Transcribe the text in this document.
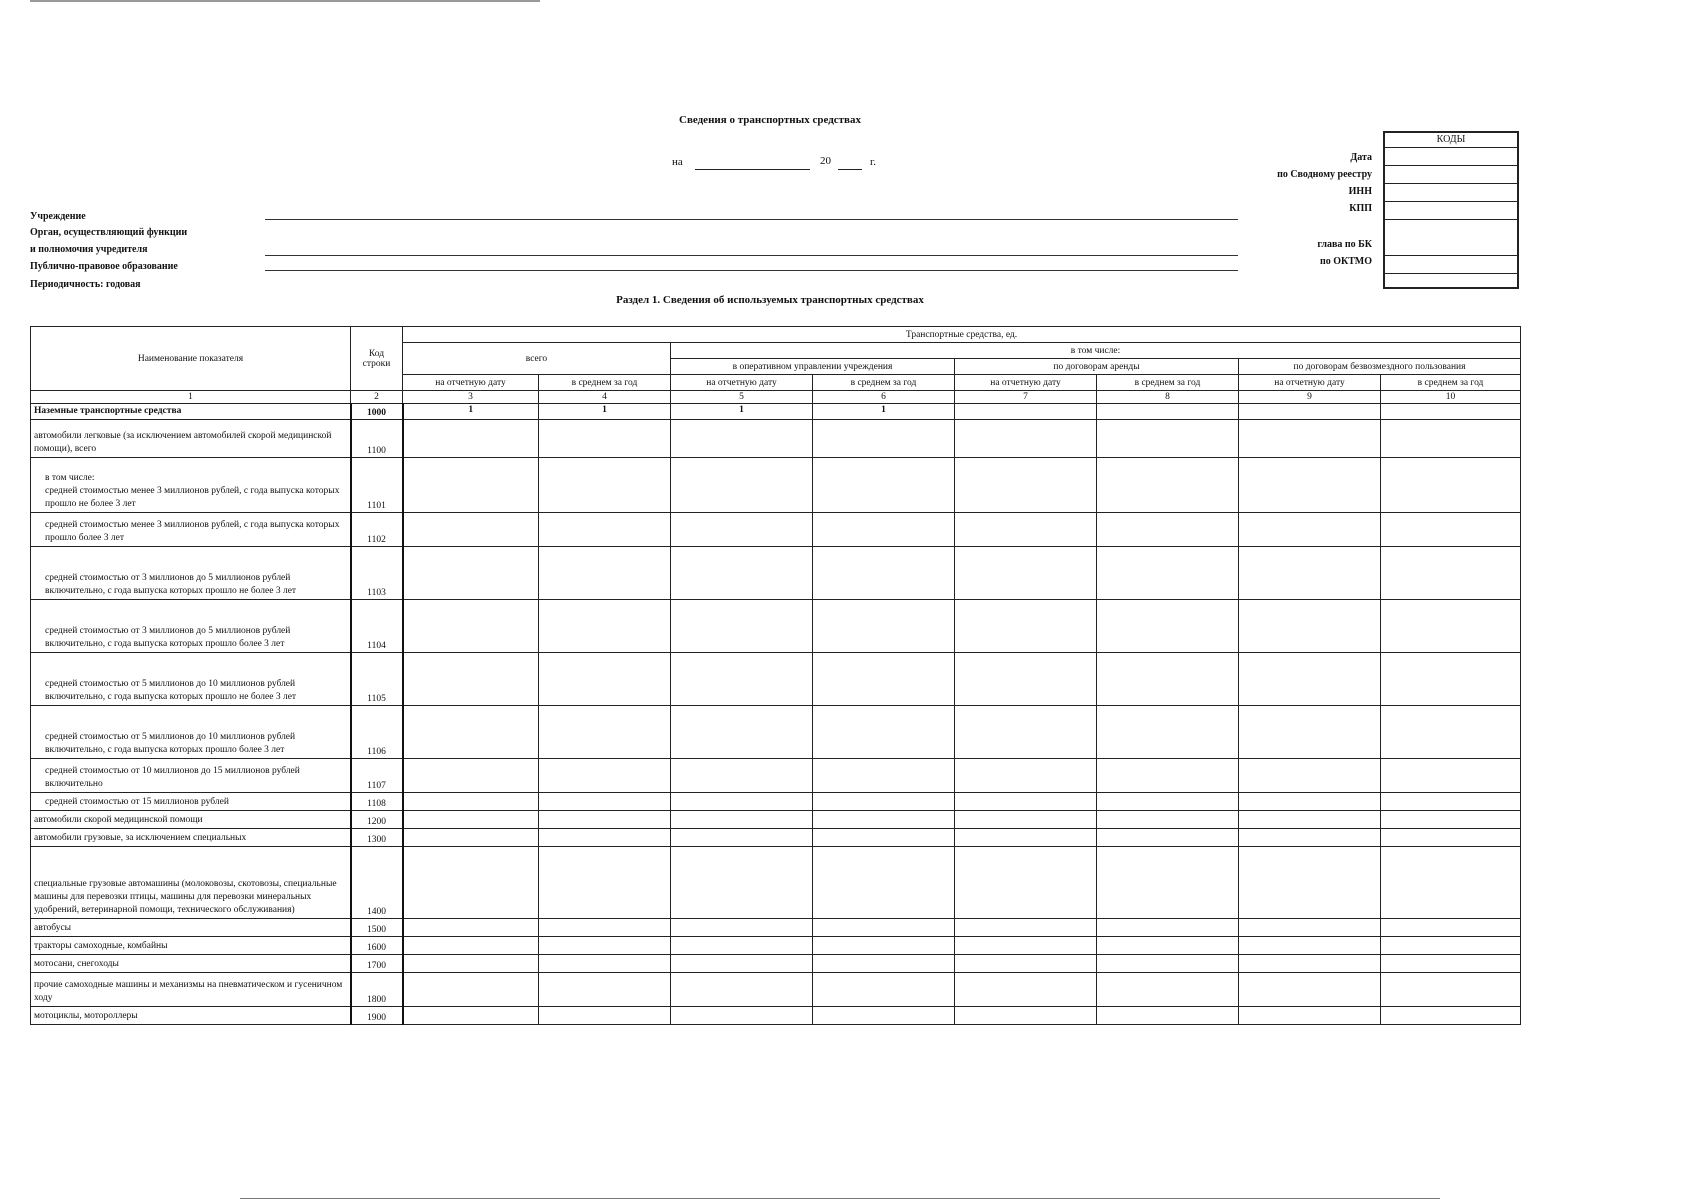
Сведения о транспортных средствах
на	20	г.
Учреждение
Орган, осуществляющий функции
и полномочия учредителя
Публично-правовое образование
Периодичность: годовая
Дата
по Сводному реестру
ИНН
КПП
глава по БК
по ОКТМО
КОДЫ
Раздел 1. Сведения об используемых транспортных средствах
Наименование показателя	Код строки	Транспортные средства, ед.							
		всего		в том числе:					
				в оперативном управлении учреждения		по договорам аренды		по договорам безвозмездного пользования	
		на отчетную дату	в среднем за год	на отчетную дату	в среднем за год	на отчетную дату	в среднем за год	на отчетную дату	в среднем за год
1	2	3	4	5	6	7	8	9	10
Наземные транспортные средства	1000	1	1	1	1				
автомобили легковые (за исключением автомобилей скорой медицинской помощи), всего	1100								
в том числе:
средней стоимостью менее 3 миллионов рублей, с года выпуска которых прошло не более 3 лет	1101								
средней стоимостью менее 3 миллионов рублей, с года выпуска которых прошло более 3 лет	1102								
средней стоимостью от 3 миллионов до 5 миллионов рублей включительно, с года выпуска которых прошло не более 3 лет	1103								
средней стоимостью от 3 миллионов до 5 миллионов рублей включительно, с года выпуска которых прошло более 3 лет	1104								
средней стоимостью от 5 миллионов до 10 миллионов рублей включительно, с года выпуска которых прошло не более 3 лет	1105								
средней стоимостью от 5 миллионов до 10 миллионов рублей включительно, с года выпуска которых прошло более 3 лет	1106								
средней стоимостью от 10 миллионов до 15 миллионов рублей включительно	1107								
средней стоимостью от 15 миллионов рублей	1108								
автомобили скорой медицинской помощи	1200								
автомобили грузовые, за исключением специальных	1300								
специальные грузовые автомашины (молоковозы, скотовозы, специальные машины для перевозки птицы, машины для перевозки минеральных удобрений, ветеринарной помощи, технического обслуживания)	1400								
автобусы	1500								
тракторы самоходные, комбайны	1600								
мотосани, снегоходы	1700								
прочие самоходные машины и механизмы на пневматическом и гусеничном ходу	1800								
мотоциклы, мотороллеры	1900								
